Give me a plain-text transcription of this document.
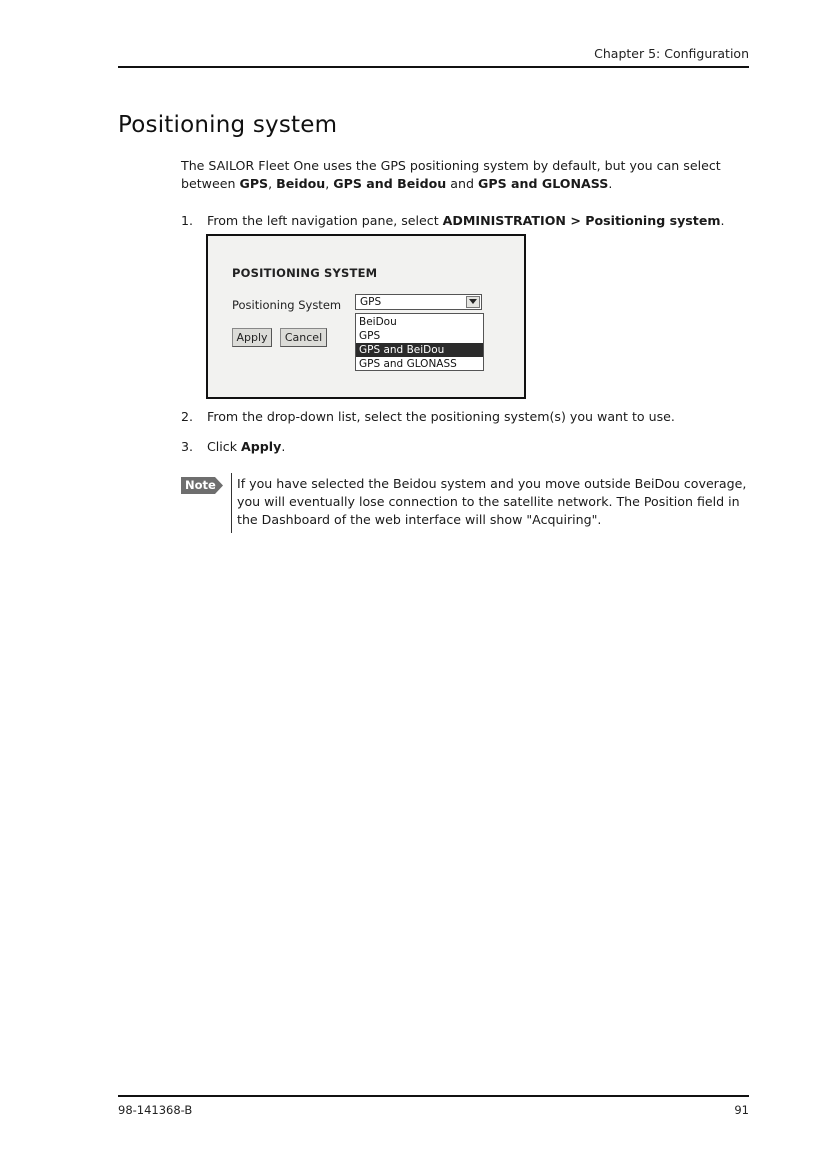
Chapter 5: Configuration
Positioning system
The SAILOR Fleet One uses the GPS positioning system by default, but you can select between GPS, Beidou, GPS and Beidou and GPS and GLONASS.
1. From the left navigation pane, select ADMINISTRATION > Positioning system.
POSITIONING SYSTEM
Positioning System GPS
BeiDou
GPS
GPS and BeiDou
GPS and GLONASS
Apply	Cancel
2. From the drop-down list, select the positioning system(s) you want to use.
3. Click Apply.
Note If you have selected the Beidou system and you move outside BeiDou coverage, you will eventually lose connection to the satellite network. The Position field in the Dashboard of the web interface will show "Acquiring".
98-141368-B	91
